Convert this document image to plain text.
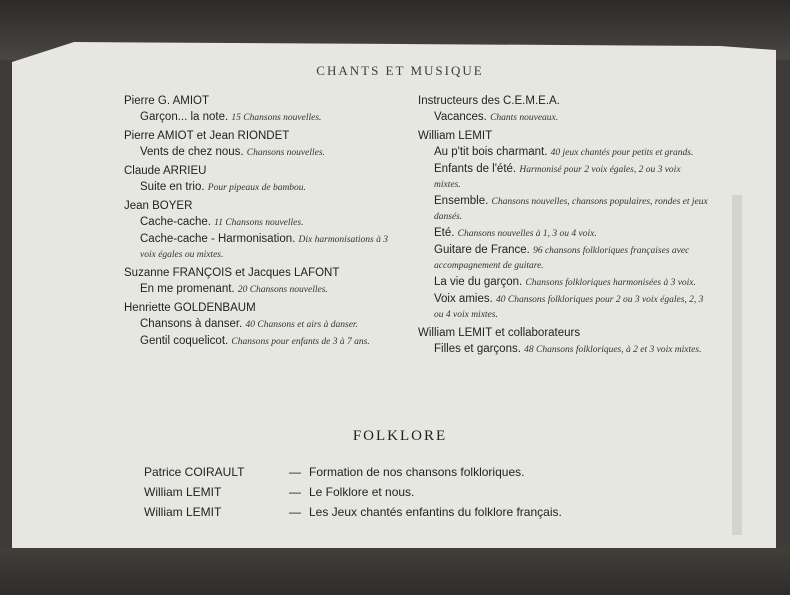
CHANTS ET MUSIQUE
Pierre G. AMIOT
Garçon... la note. 15 Chansons nouvelles.
Pierre AMIOT et Jean RIONDET
Vents de chez nous. Chansons nouvelles.
Claude ARRIEU
Suite en trio. Pour pipeaux de bambou.
Jean BOYER
Cache-cache. 11 Chansons nouvelles.
Cache-cache - Harmonisation. Dix harmonisations à 3 voix égales ou mixtes.
Suzanne FRANÇOIS et Jacques LAFONT
En me promenant. 20 Chansons nouvelles.
Henriette GOLDENBAUM
Chansons à danser. 40 Chansons et airs à danser.
Gentil coquelicot. Chansons pour enfants de 3 à 7 ans.
Instructeurs des C.E.M.E.A.
Vacances. Chants nouveaux.
William LEMIT
Au p'tit bois charmant. 40 jeux chantés pour petits et grands.
Enfants de l'été. Harmonisé pour 2 voix égales, 2 ou 3 voix mixtes.
Ensemble. Chansons nouvelles, chansons populaires, rondes et jeux dansés.
Eté. Chansons nouvelles à 1, 3 ou 4 voix.
Guitare de France. 96 chansons folkloriques françaises avec accompagnement de guitare.
La vie du garçon. Chansons folkloriques harmonisées à 3 voix.
Voix amies. 40 Chansons folkloriques pour 2 ou 3 voix égales, 2, 3 ou 4 voix mixtes.
William LEMIT et collaborateurs
Filles et garçons. 48 Chansons folkloriques, à 2 et 3 voix mixtes.
FOLKLORE
Patrice COIRAULT	— Formation de nos chansons folkloriques.
William LEMIT	— Le Folklore et nous.
William LEMIT	— Les Jeux chantés enfantins du folklore français.
